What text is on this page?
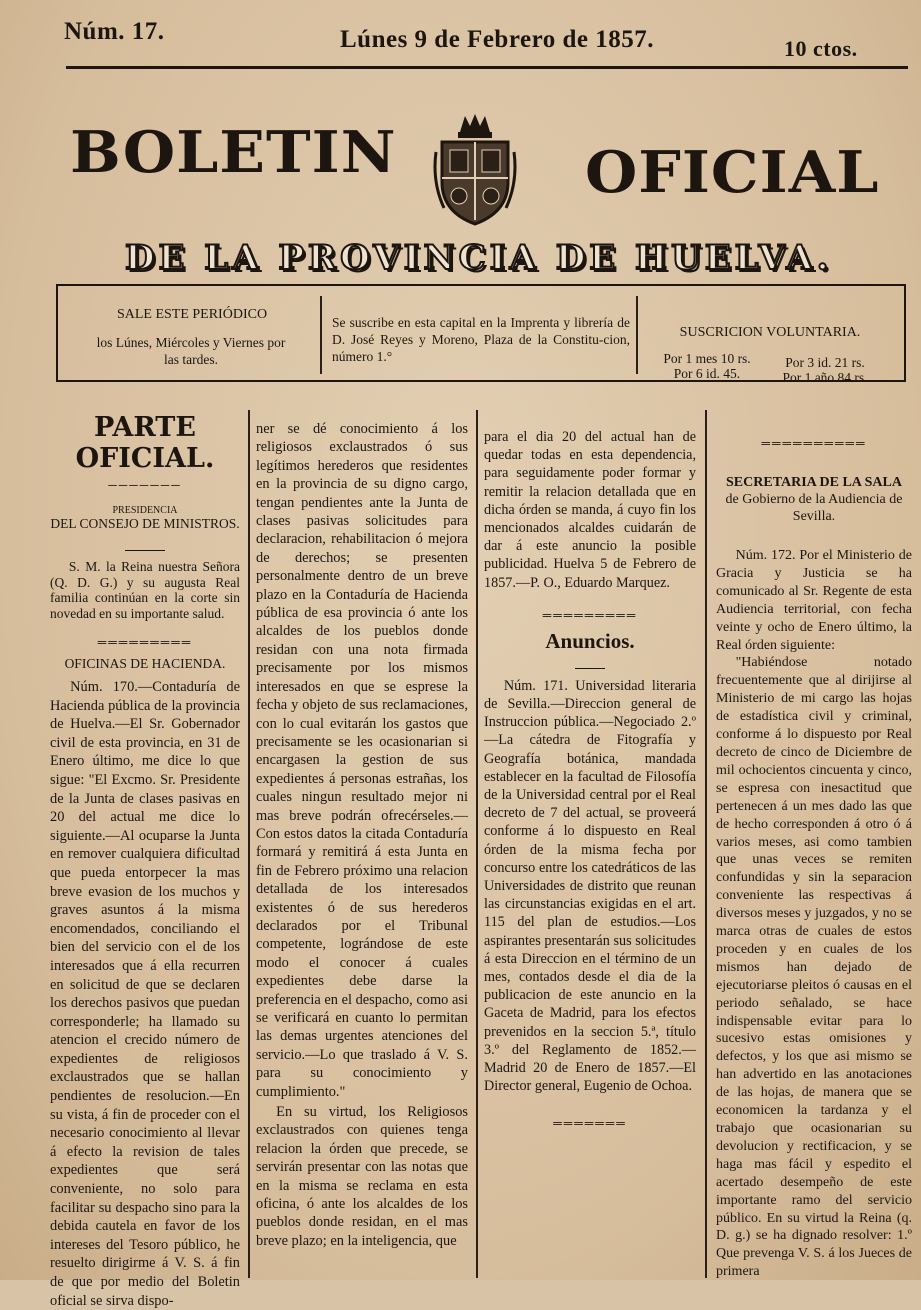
Núm. 17.	Lúnes 9 de Febrero de 1857.	10 ctos.
BOLETIN	OFICIAL
DE LA PROVINCIA DE HUELVA.
SALE ESTE PERIÓDICO
los Lúnes, Miércoles y Viernes por las tardes.
Se suscribe en esta capital en la Imprenta y librería de D. José Reyes y Moreno, Plaza de la Constitu-cion, número 1.°
SUSCRICION VOLUNTARIA.
Por 1 mes 10 rs.	Por 3 id. 21 rs.
Por 6 id. 45.	Por 1 año 84 rs.
PARTE OFICIAL.
───────
PRESIDENCIA
DEL CONSEJO DE MINISTROS.

S. M. la Reina nuestra Señora (Q. D. G.) y su augusta Real familia continúan en la corte sin novedad en su importante salud.

═════════
OFICINAS DE HACIENDA.

Núm. 170.—Contaduría de Hacienda pública de la provincia de Huelva.—El Sr. Gobernador civil de esta provincia, en 31 de Enero último, me dice lo que sigue: "El Excmo. Sr. Presidente de la Junta de clases pasivas en 20 del actual me dice lo siguiente.—Al ocuparse la Junta en remover cualquiera dificultad que pueda entorpecer la mas breve evasion de los muchos y graves asuntos á la misma encomendados, conciliando el bien del servicio con el de los interesados que á ella recurren en solicitud de que se declaren los derechos pasivos que puedan corresponderle; ha llamado su atencion el crecido número de expedientes de religiosos exclaustrados que se hallan pendientes de resolucion.—En su vista, á fin de proceder con el necesario conocimiento al llevar á efecto la revision de tales expedientes que será conveniente, no solo para facilitar su despacho sino para la debida cautela en favor de los intereses del Tesoro público, he resuelto dirigirme á V. S. á fin de que por medio del Boletin oficial se sirva dispo-

ner se dé conocimiento á los religiosos exclaustrados ó sus legítimos herederos que residentes en la provincia de su digno cargo, tengan pendientes ante la Junta de clases pasivas solicitudes para declaracion, rehabilitacion ó mejora de derechos; se presenten personalmente dentro de un breve plazo en la Contaduría de Hacienda pública de esa provincia ó ante los alcaldes de los pueblos donde residan con una nota firmada precisamente por los mismos interesados en que se esprese la fecha y objeto de sus reclamaciones, con lo cual evitarán los gastos que precisamente se les ocasionarian si encargasen la gestion de sus expedientes á personas estrañas, los cuales ningun resultado mejor ni mas breve podrán ofrecérseles.—Con estos datos la citada Contaduría formará y remitirá á esta Junta en fin de Febrero próximo una relacion detallada de los interesados existentes ó de sus herederos declarados por el Tribunal competente, lográndose de este modo el conocer á cuales expedientes debe darse la preferencia en el despacho, como asi se verificará en cuanto lo permitan las demas urgentes atenciones del servicio.—Lo que traslado á V. S. para su conocimiento y cumplimiento."

En su virtud, los Religiosos exclaustrados con quienes tenga relacion la órden que precede, se servirán presentar con las notas que en la misma se reclama en esta oficina, ó ante los alcaldes de los pueblos donde residan, en el mas breve plazo; en la inteligencia, que

para el dia 20 del actual han de quedar todas en esta dependencia, para seguidamente poder formar y remitir la relacion detallada que en dicha órden se manda, á cuyo fin los mencionados alcaldes cuidarán de dar á este anuncio la posible publicidad. Huelva 5 de Febrero de 1857.—P. O., Eduardo Marquez.

═════════
Anuncios.

Núm. 171. Universidad literaria de Sevilla.—Direccion general de Instruccion pública.—Negociado 2.º—La cátedra de Fitografía y Geografía botánica, mandada establecer en la facultad de Filosofía de la Universidad central por el Real decreto de 7 del actual, se proveerá conforme á lo dispuesto en Real órden de la misma fecha por concurso entre los catedráticos de las Universidades de distrito que reunan las circunstancias exigidas en el art. 115 del plan de estudios.—Los aspirantes presentarán sus solicitudes á esta Direccion en el término de un mes, contados desde el dia de la publicacion de este anuncio en la Gaceta de Madrid, para los efectos prevenidos en la seccion 5.ª, título 3.º del Reglamento de 1852.—Madrid 20 de Enero de 1857.—El Director general, Eugenio de Ochoa.

═══════
══════════
SECRETARIA DE LA SALA
de Gobierno de la Audiencia de Sevilla.

Núm. 172. Por el Ministerio de Gracia y Justicia se ha comunicado al Sr. Regente de esta Audiencia territorial, con fecha veinte y ocho de Enero último, la Real órden siguiente:

"Habiéndose notado frecuentemente que al dirijirse al Ministerio de mi cargo las hojas de estadística civil y criminal, conforme á lo dispuesto por Real decreto de cinco de Diciembre de mil ochocientos cincuenta y cinco, se espresa con inesactitud que pertenecen á un mes dado las que de hecho corresponden á otro ó á varios meses, asi como tambien que unas veces se remiten confundidas y sin la separacion conveniente las respectivas á diversos meses y juzgados, y no se marca otras de cuales de estos proceden y en cuales de los mismos han dejado de ejecutoriarse pleitos ó causas en el periodo señalado, se hace indispensable evitar para lo sucesivo estas omisiones y defectos, y los que asi mismo se han advertido en las anotaciones de las hojas, de manera que se economicen la tardanza y el trabajo que ocasionarian su devolucion y rectificacion, y se haga mas fácil y espedito el acertado desempeño de este importante ramo del servicio público. En su virtud la Reina (q. D. g.) se ha dignado resolver: 1.º Que prevenga V. S. á los Jueces de primera
